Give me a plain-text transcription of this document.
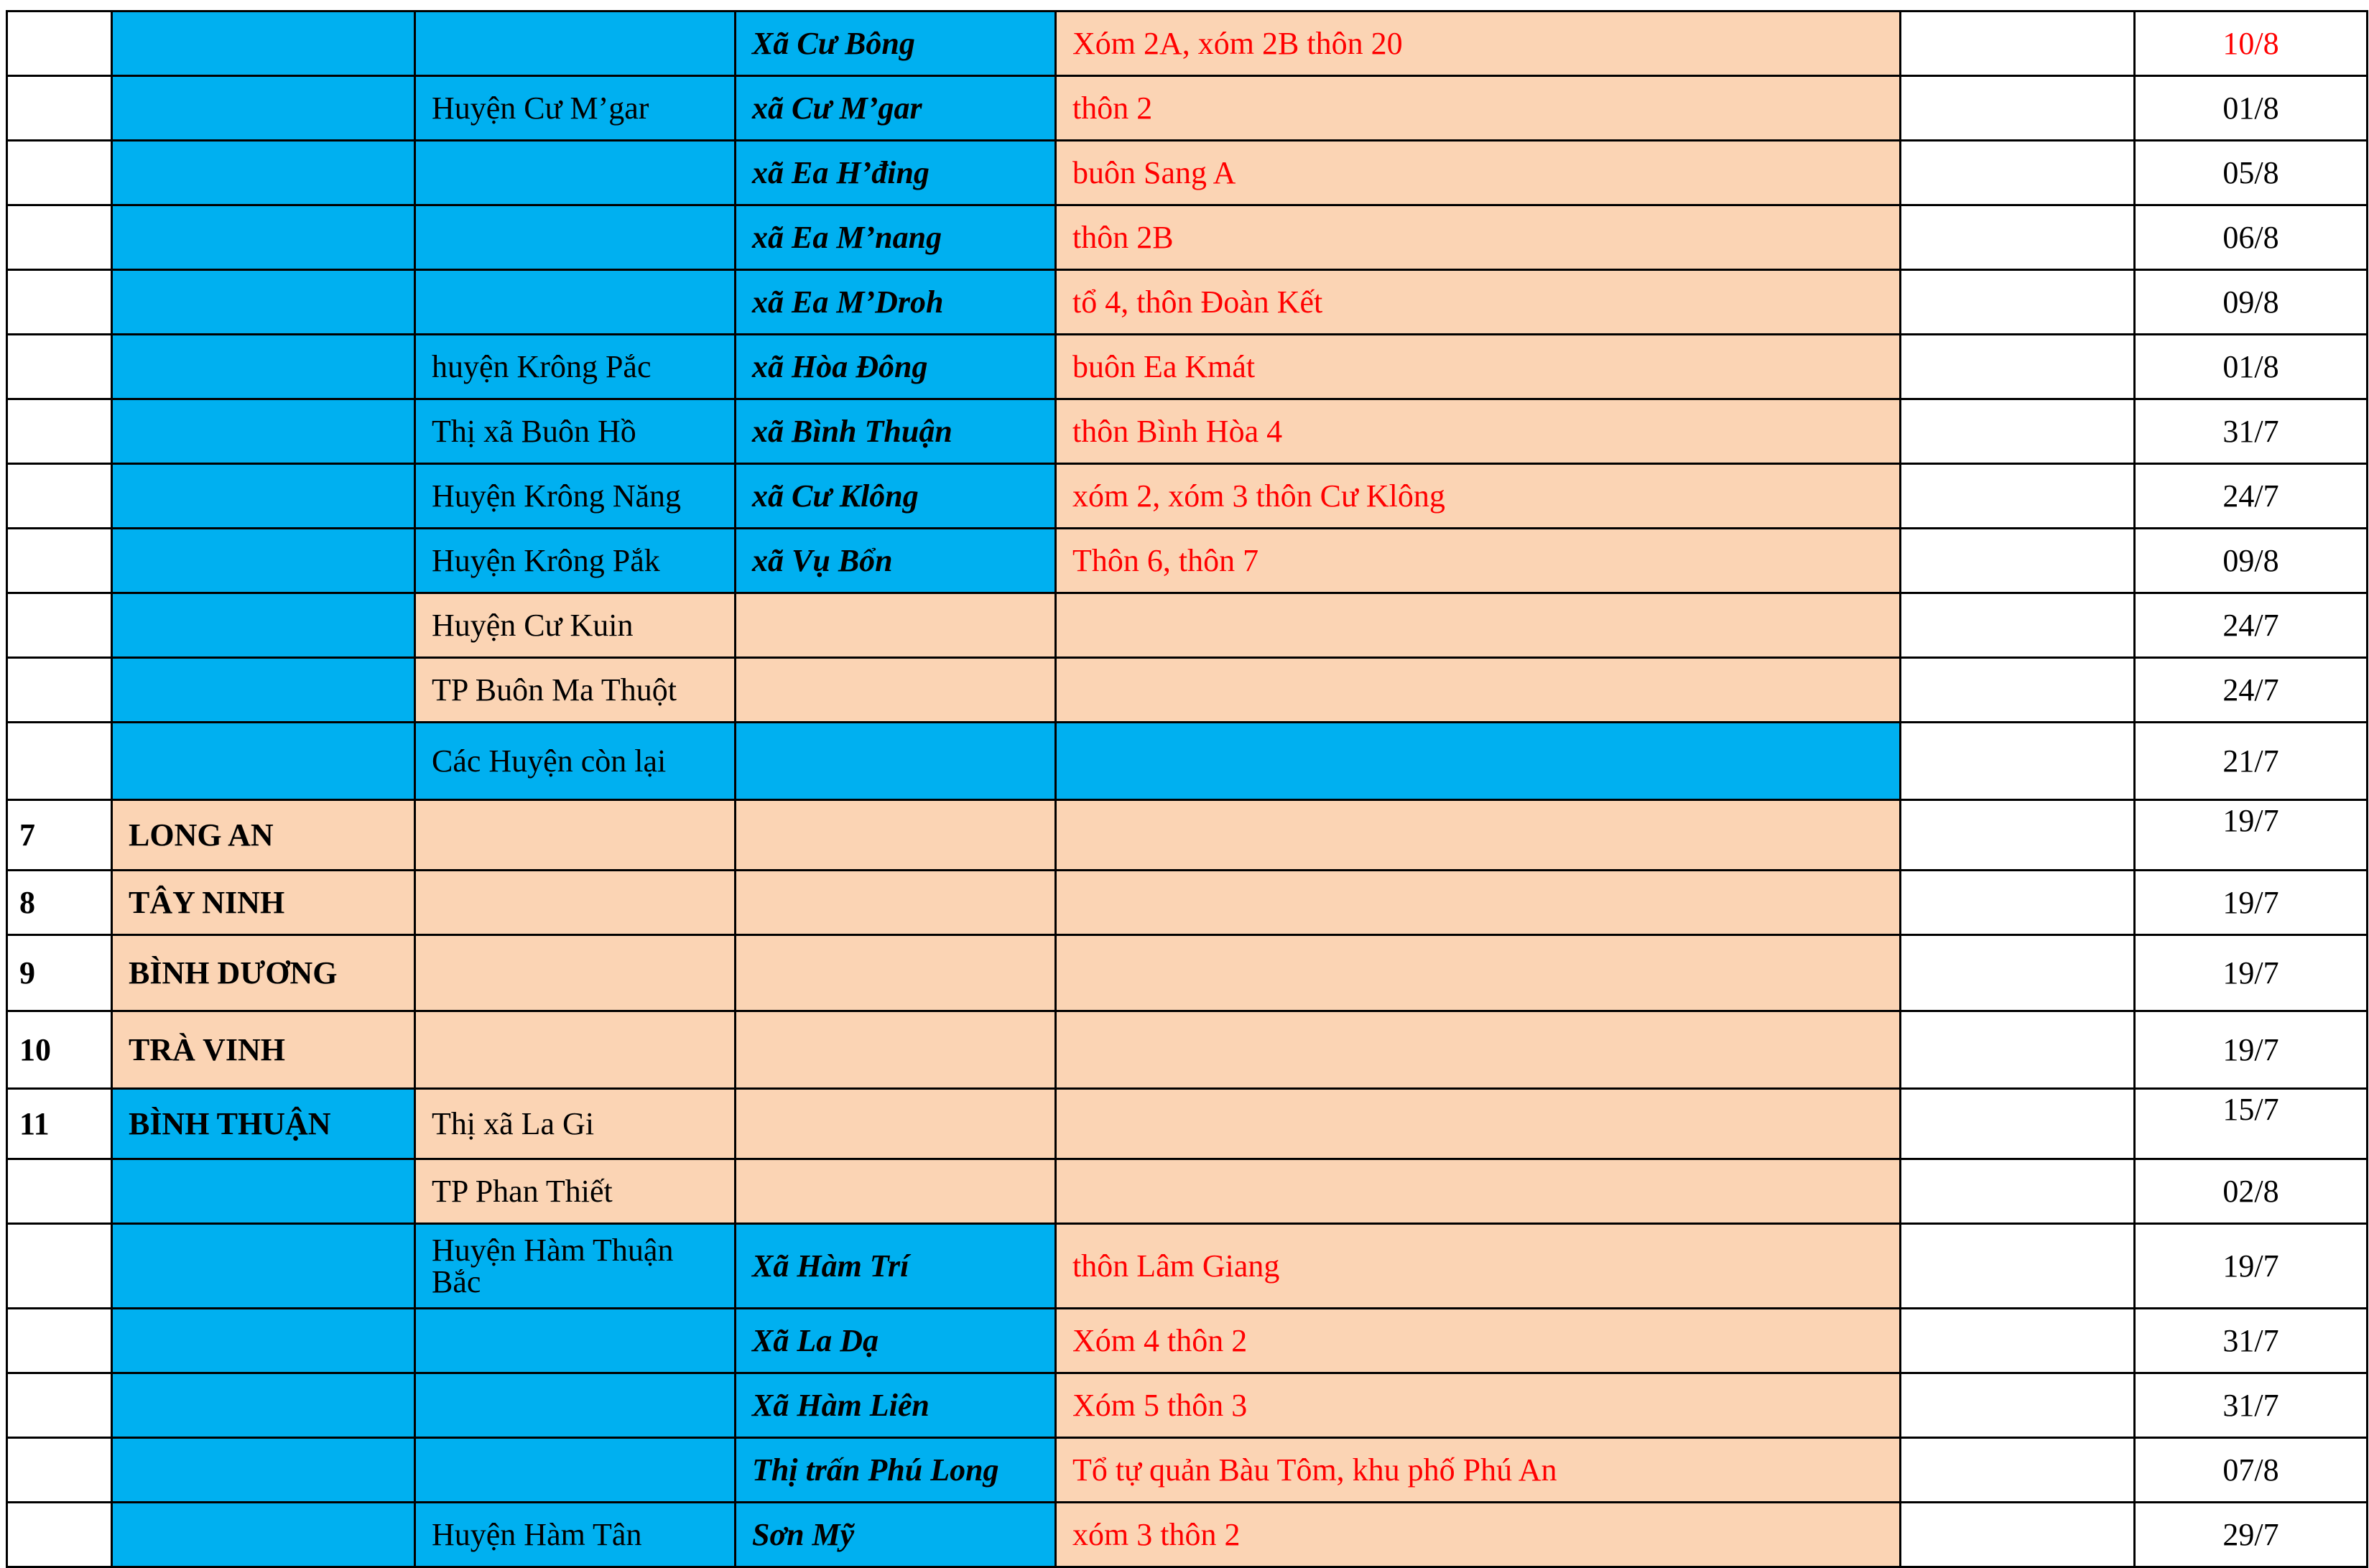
			Xã Cư Bông	Xóm 2A, xóm 2B thôn 20		10/8
		Huyện Cư M’gar	xã Cư M’gar	thôn 2		01/8
			xã Ea H’đing	buôn Sang A		05/8
			xã Ea M’nang	thôn 2B		06/8
			xã Ea M’Droh	tổ 4, thôn Đoàn Kết		09/8
		huyện Krông Pắc	xã Hòa Đông	buôn Ea Kmát		01/8
		Thị xã Buôn Hồ	xã Bình Thuận	thôn Bình Hòa 4		31/7
		Huyện Krông Năng	xã Cư Klông	xóm 2, xóm 3 thôn Cư Klông		24/7
		Huyện Krông Pắk	xã Vụ Bổn	Thôn 6, thôn 7		09/8
		Huyện Cư Kuin				24/7
		TP Buôn Ma Thuột				24/7
		Các Huyện còn lại				21/7
7	LONG AN					19/7
8	TÂY NINH					19/7
9	BÌNH DƯƠNG					19/7
10	TRÀ VINH					19/7
11	BÌNH THUẬN	Thị xã La Gi				15/7
		TP Phan Thiết				02/8
		Huyện Hàm Thuận Bắc	Xã Hàm Trí	thôn Lâm Giang		19/7
			Xã La Dạ	Xóm 4 thôn 2		31/7
			Xã Hàm Liên	Xóm 5 thôn 3		31/7
			Thị trấn Phú Long	Tổ tự quản Bàu Tôm, khu phố Phú An		07/8
		Huyện Hàm Tân	Sơn Mỹ	xóm 3 thôn 2		29/7
